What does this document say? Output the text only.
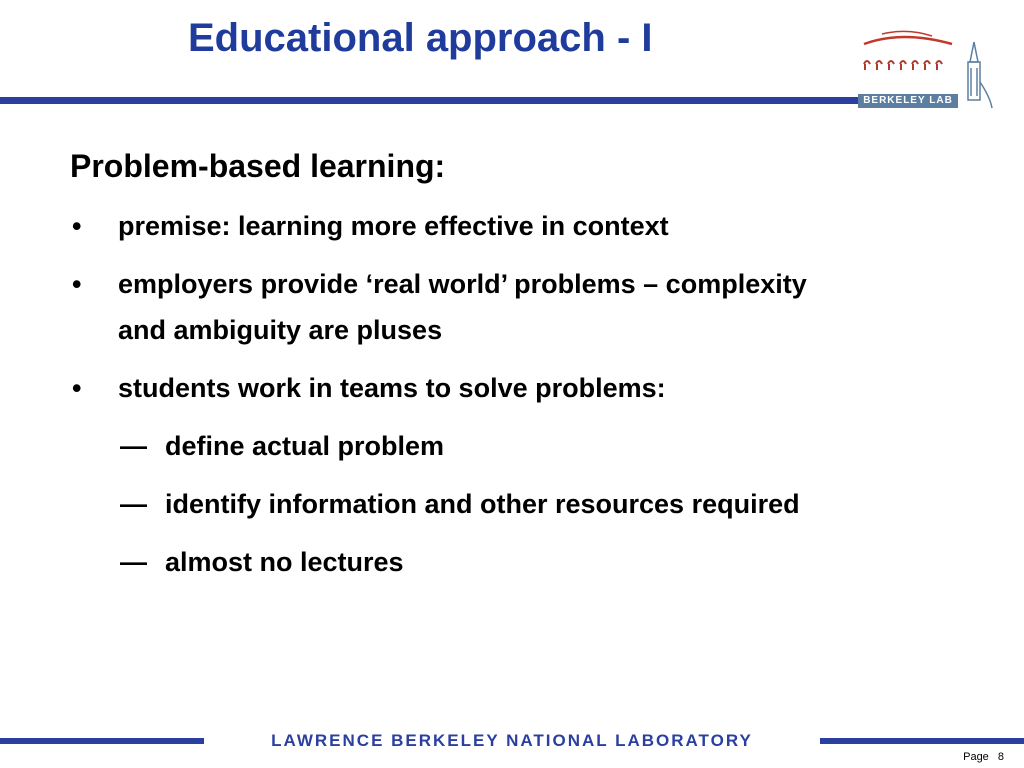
Educational approach - I
BERKELEY LAB
Problem-based learning:
• premise: learning more effective in context
• employers provide ‘real world’ problems – complexity and ambiguity are pluses
• students work in teams to solve problems:
— define actual problem
— identify information and other resources required
— almost no lectures
LAWRENCE BERKELEY NATIONAL LABORATORY
Page 8
